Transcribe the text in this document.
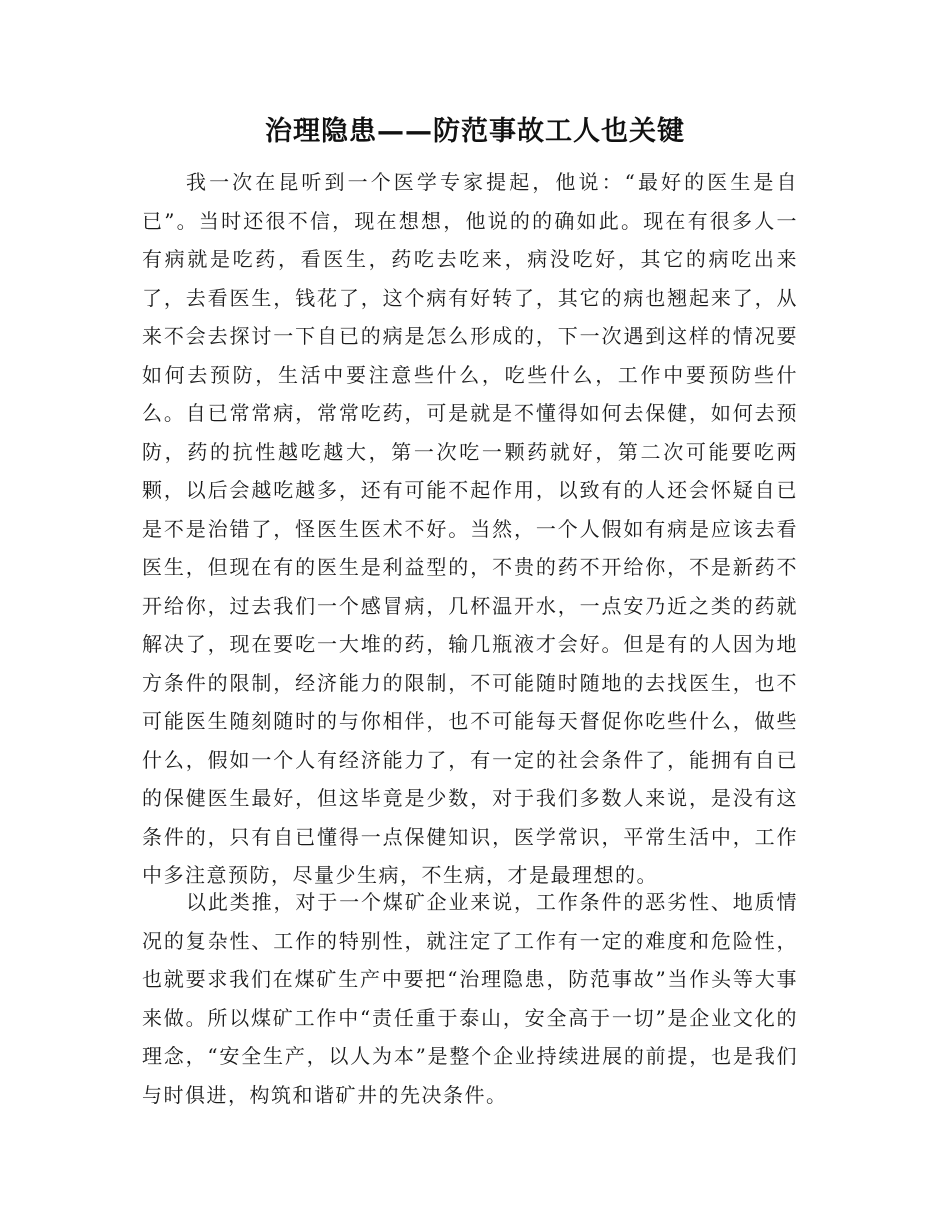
治理隐患——防范事故工人也关键

我一次在昆听到一个医学专家提起，他说：“最好的医生是自已”。当时还很不信，现在想想，他说的的确如此。现在有很多人一有病就是吃药，看医生，药吃去吃来，病没吃好，其它的病吃出来了，去看医生，钱花了，这个病有好转了，其它的病也翘起来了，从来不会去探讨一下自已的病是怎么形成的，下一次遇到这样的情况要如何去预防，生活中要注意些什么，吃些什么，工作中要预防些什么。自已常常病，常常吃药，可是就是不懂得如何去保健，如何去预防，药的抗性越吃越大，第一次吃一颗药就好，第二次可能要吃两颗，以后会越吃越多，还有可能不起作用，以致有的人还会怀疑自已是不是治错了，怪医生医术不好。当然，一个人假如有病是应该去看医生，但现在有的医生是利益型的，不贵的药不开给你，不是新药不开给你，过去我们一个感冒病，几杯温开水，一点安乃近之类的药就解决了，现在要吃一大堆的药，输几瓶液才会好。但是有的人因为地方条件的限制，经济能力的限制，不可能随时随地的去找医生，也不可能医生随刻随时的与你相伴，也不可能每天督促你吃些什么，做些什么，假如一个人有经济能力了，有一定的社会条件了，能拥有自已的保健医生最好，但这毕竟是少数，对于我们多数人来说，是没有这条件的，只有自已懂得一点保健知识，医学常识，平常生活中，工作中多注意预防，尽量少生病，不生病，才是最理想的。

以此类推，对于一个煤矿企业来说，工作条件的恶劣性、地质情况的复杂性、工作的特别性，就注定了工作有一定的难度和危险性，也就要求我们在煤矿生产中要把“治理隐患，防范事故”当作头等大事来做。所以煤矿工作中“责任重于泰山，安全高于一切”是企业文化的理念，“安全生产，以人为本”是整个企业持续进展的前提，也是我们与时俱进，构筑和谐矿井的先决条件。
